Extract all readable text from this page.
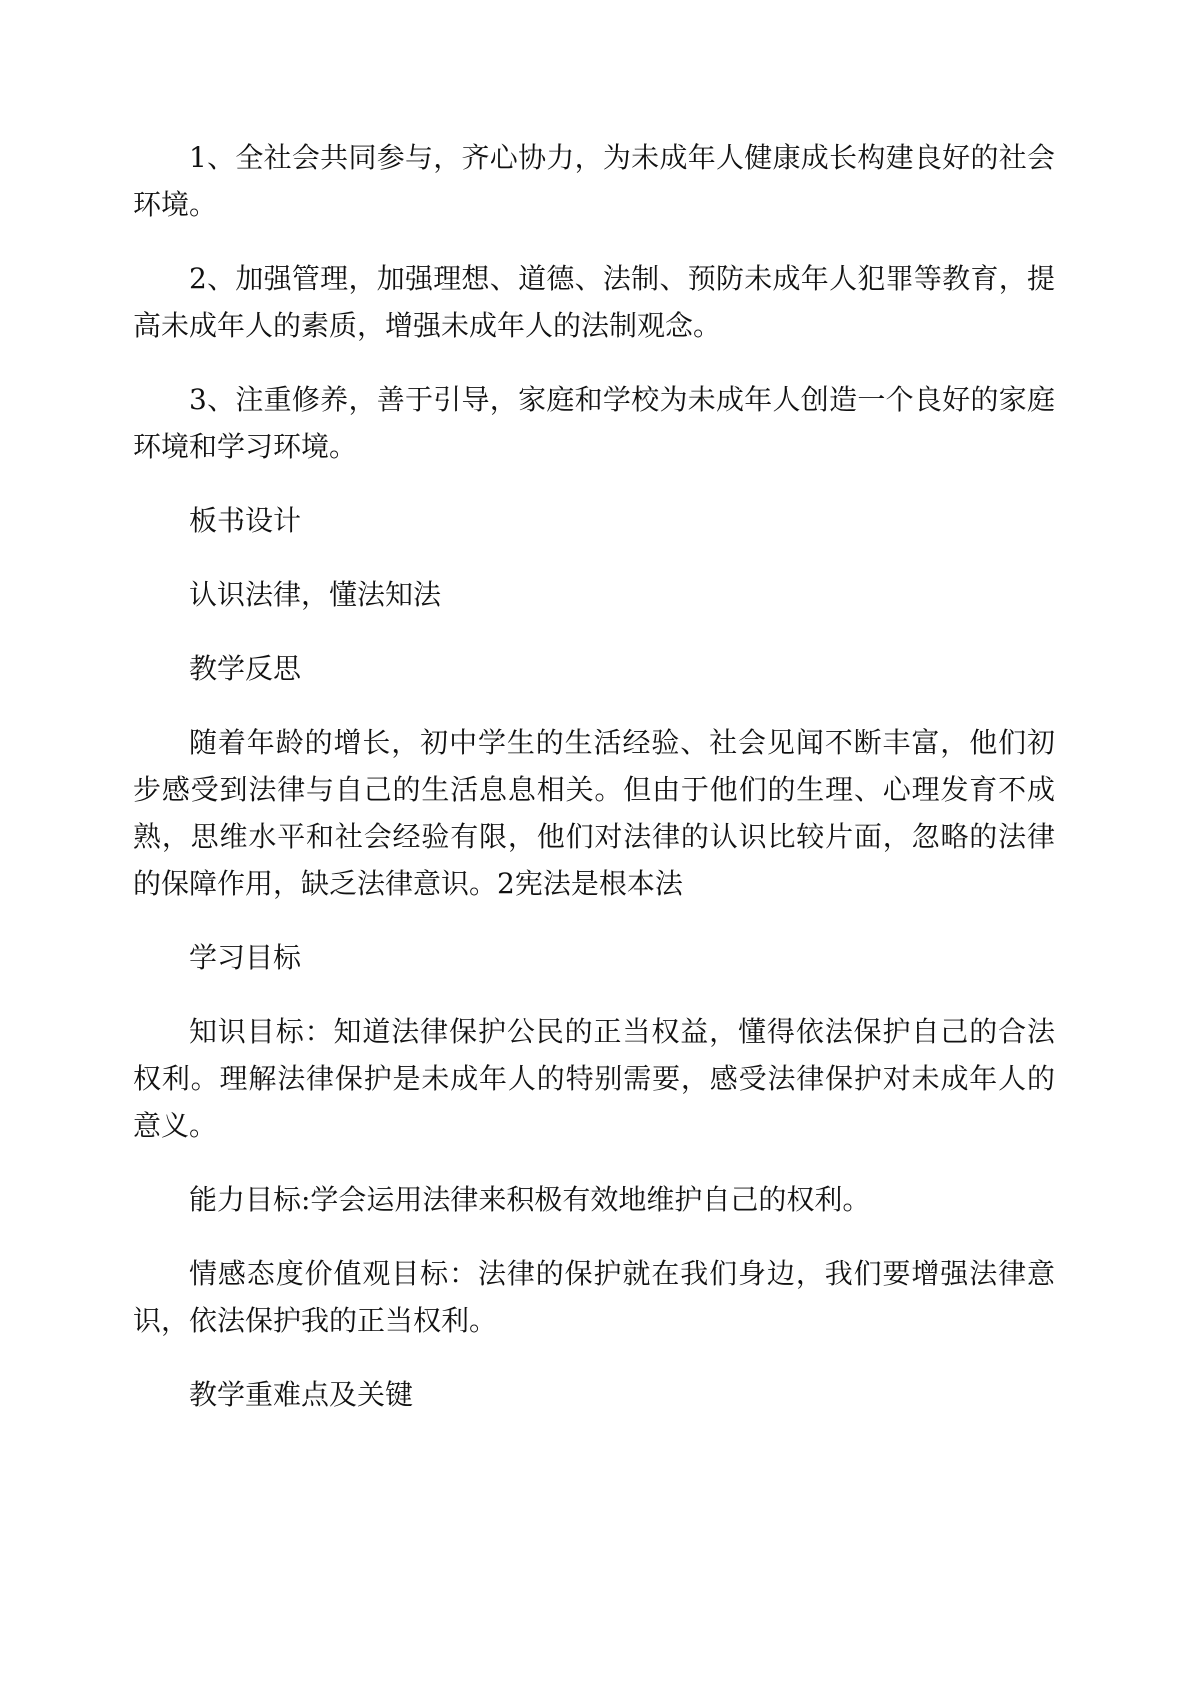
1、全社会共同参与，齐心协力，为未成年人健康成长构建良好的社会环境。

2、加强管理，加强理想、道德、法制、预防未成年人犯罪等教育，提高未成年人的素质，增强未成年人的法制观念。

3、注重修养，善于引导，家庭和学校为未成年人创造一个良好的家庭环境和学习环境。

板书设计

认识法律，懂法知法

教学反思

随着年龄的增长，初中学生的生活经验、社会见闻不断丰富，他们初步感受到法律与自己的生活息息相关。但由于他们的生理、心理发育不成熟，思维水平和社会经验有限，他们对法律的认识比较片面，忽略的法律的保障作用，缺乏法律意识。2宪法是根本法

学习目标

知识目标：知道法律保护公民的正当权益，懂得依法保护自己的合法权利。理解法律保护是未成年人的特别需要，感受法律保护对未成年人的意义。

能力目标:学会运用法律来积极有效地维护自己的权利。

情感态度价值观目标：法律的保护就在我们身边，我们要增强法律意识，依法保护我的正当权利。

教学重难点及关键
